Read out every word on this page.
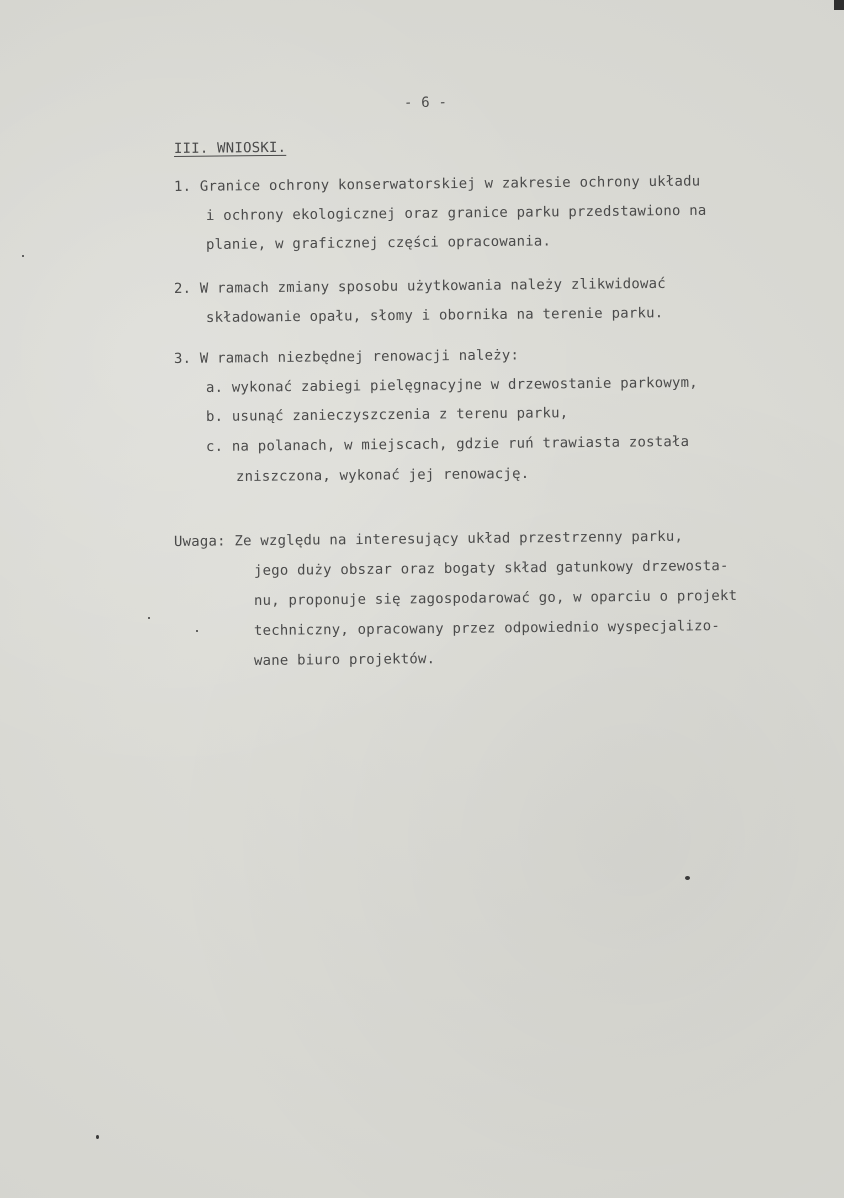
- 6 -
III. WNIOSKI.
1. Granice ochrony konserwatorskiej w zakresie ochrony układu
i ochrony ekologicznej oraz granice parku przedstawiono na
planie, w graficznej części opracowania.
2. W ramach zmiany sposobu użytkowania należy zlikwidować
składowanie opału, słomy i obornika na terenie parku.
3. W ramach niezbędnej renowacji należy:
a. wykonać zabiegi pielęgnacyjne w drzewostanie parkowym,
b. usunąć zanieczyszczenia z terenu parku,
c. na polanach, w miejscach, gdzie ruń trawiasta została
zniszczona, wykonać jej renowację.
Uwaga: Ze względu na interesujący układ przestrzenny parku,
jego duży obszar oraz bogaty skład gatunkowy drzewosta-
nu, proponuje się zagospodarować go, w oparciu o projekt
techniczny, opracowany przez odpowiednio wyspecjalizo-
wane biuro projektów.
